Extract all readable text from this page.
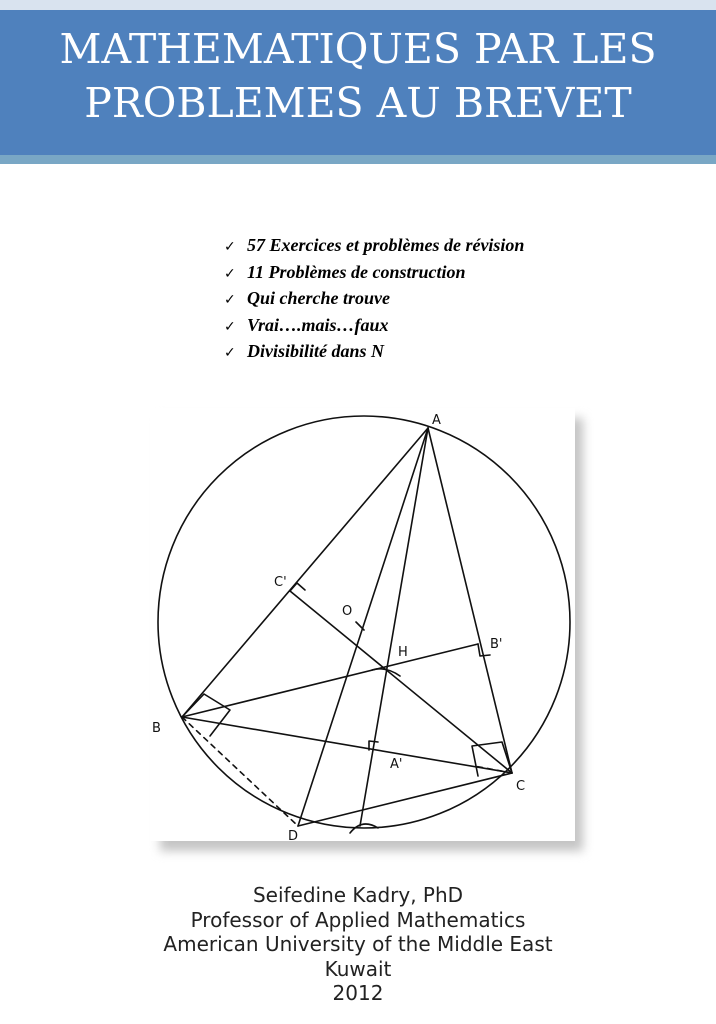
MATHEMATIQUES PAR LES
PROBLEMES AU BREVET
✓ 57 Exercices et problèmes de révision
✓ 11 Problèmes de construction
✓ Qui cherche trouve
✓ Vrai….mais…faux
✓ Divisibilité dans N
A
B
C
C'
B'
A'
H
O
D
Seifedine Kadry, PhD
Professor of Applied Mathematics
American University of the Middle East
Kuwait
2012
